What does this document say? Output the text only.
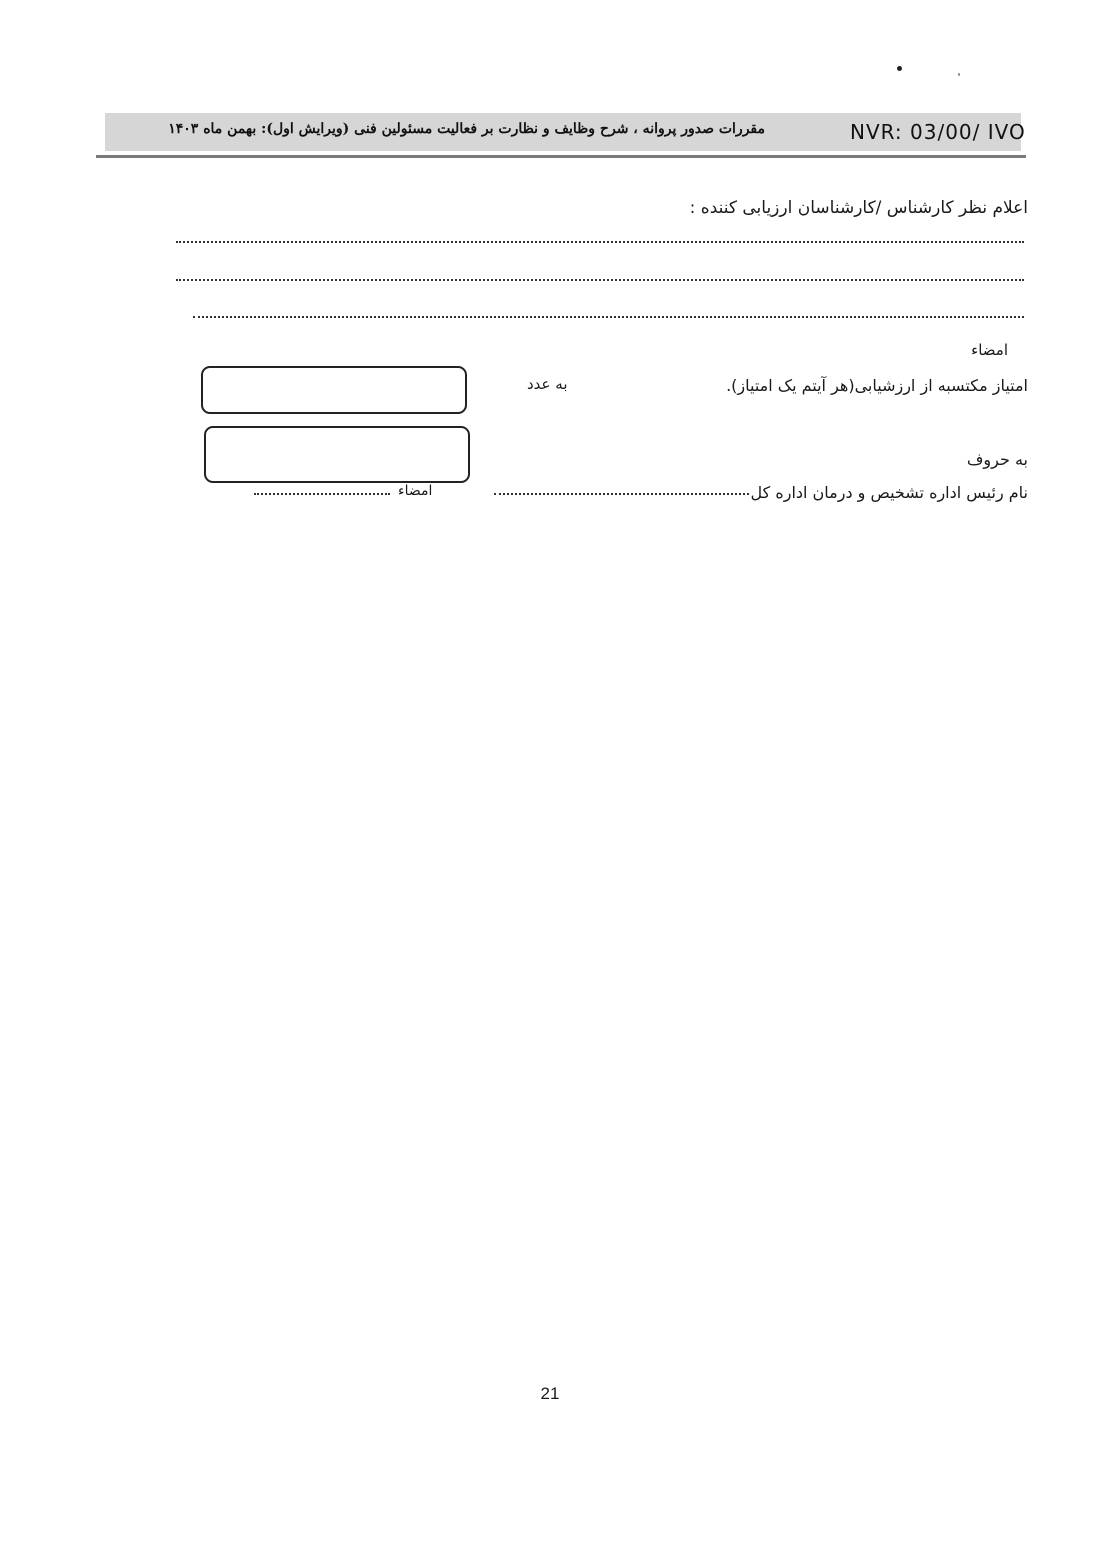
NVR: 03/00/ IVO
مقررات صدور پروانه ، شرح وظایف و نظارت بر فعالیت مسئولین فنی (ویرایش اول): بهمن ماه ۱۴۰۳
اعلام نظر کارشناس /کارشناسان ارزیابی کننده :
امضاء
امتیاز مکتسبه از ارزشیابی(هر آیتم یک امتیاز).
به عدد
به حروف
نام رئیس اداره تشخیص و درمان اداره کل
امضاء
21
